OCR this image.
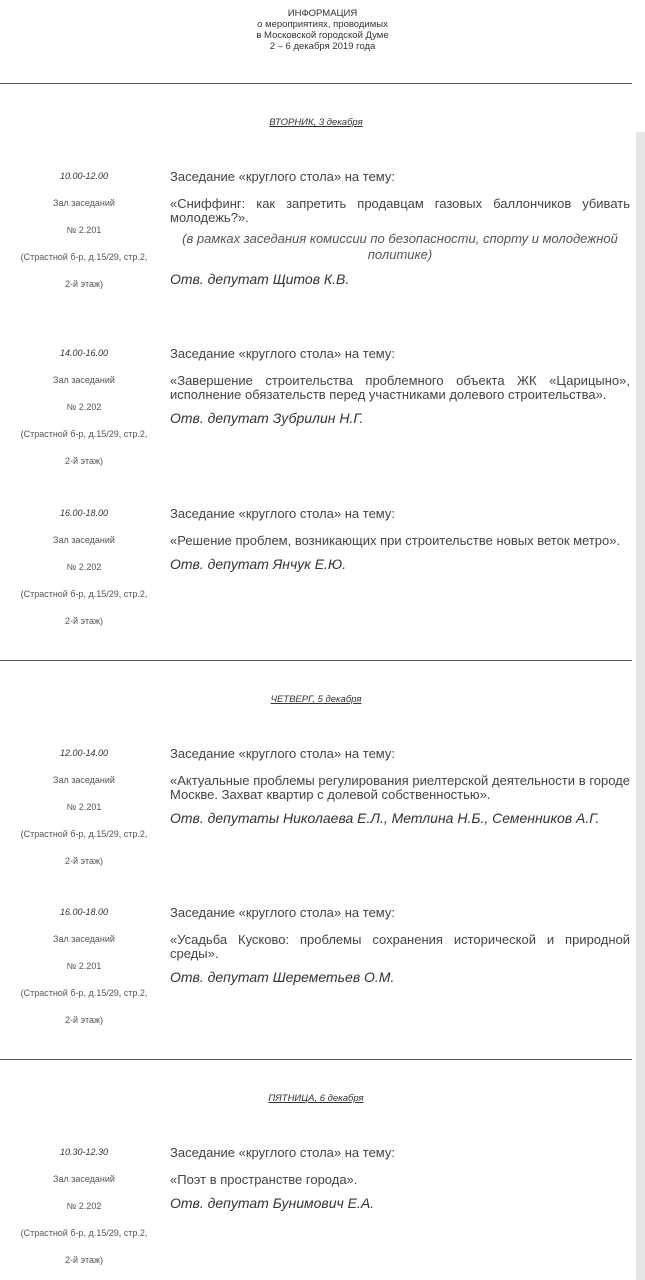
ИНФОРМАЦИЯ
о мероприятиях, проводимых
в Московской городской Думе
2 – 6 декабря 2019 года
ВТОРНИК, 3 декабря
10.00-12.00
Зал заседаний
№ 2.201
(Страстной б-р, д.15/29, стр.2,
2-й этаж)

Заседание «круглого стола» на тему:

«Сниффинг: как запретить продавцам газовых баллончиков убивать молодежь?».

(в рамках заседания комиссии по безопасности, спорту и молодежной политике)

Отв. депутат Щитов К.В.

14.00-16.00
Зал заседаний
№ 2.202
(Страстной б-р, д.15/29, стр.2,
2-й этаж)

Заседание «круглого стола» на тему:

«Завершение строительства проблемного объекта ЖК «Царицыно», исполнение обязательств перед участниками долевого строительства».

Отв. депутат Зубрилин Н.Г.

16.00-18.00
Зал заседаний
№ 2.202
(Страстной б-р, д.15/29, стр.2,
2-й этаж)

Заседание «круглого стола» на тему:

«Решение проблем, возникающих при строительстве новых веток метро».

Отв. депутат Янчук Е.Ю.

ЧЕТВЕРГ, 5 декабря
12.00-14.00
Зал заседаний
№ 2.201
(Страстной б-р, д.15/29, стр.2,
2-й этаж)

Заседание «круглого стола» на тему:

«Актуальные проблемы регулирования риелтерской деятельности в городе Москве. Захват квартир с долевой собственностью».

Отв. депутаты Николаева Е.Л., Метлина Н.Б., Семенников А.Г.

16.00-18.00
Зал заседаний
№ 2.201
(Страстной б-р, д.15/29, стр.2,
2-й этаж)

Заседание «круглого стола» на тему:

«Усадьба Кусково: проблемы сохранения исторической и природной среды».

Отв. депутат Шереметьев О.М.

ПЯТНИЦА, 6 декабря
10.30-12.30
Зал заседаний
№ 2.202
(Страстной б-р, д.15/29, стр.2,
2-й этаж)

Заседание «круглого стола» на тему:

«Поэт в пространстве города».

Отв. депутат Бунимович Е.А.
